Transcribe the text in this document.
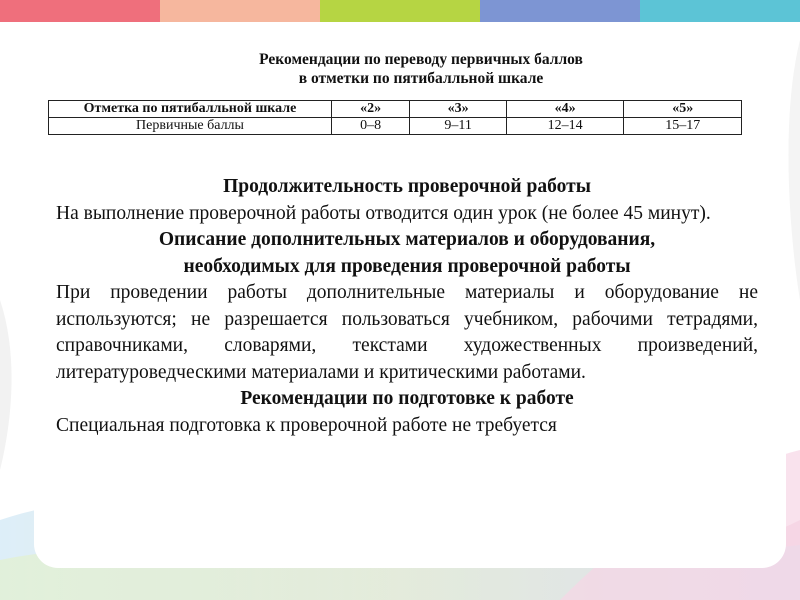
Рекомендации по переводу первичных баллов
в отметки по пятибалльной шкале
Отметка по пятибалльной шкале	«2»	«3»	«4»	«5»
Первичные баллы	0–8	9–11	12–14	15–17
Продолжительность проверочной работы
На выполнение проверочной работы отводится один урок (не более 45 минут).
Описание дополнительных материалов и оборудования,
необходимых для проведения проверочной работы
При проведении работы дополнительные материалы и оборудование не используются; не разрешается пользоваться учебником, рабочими тетрадями, справочниками, словарями, текстами художественных произведений, литературоведческими материалами и критическими работами.
Рекомендации по подготовке к работе
Специальная подготовка к проверочной работе не требуется
